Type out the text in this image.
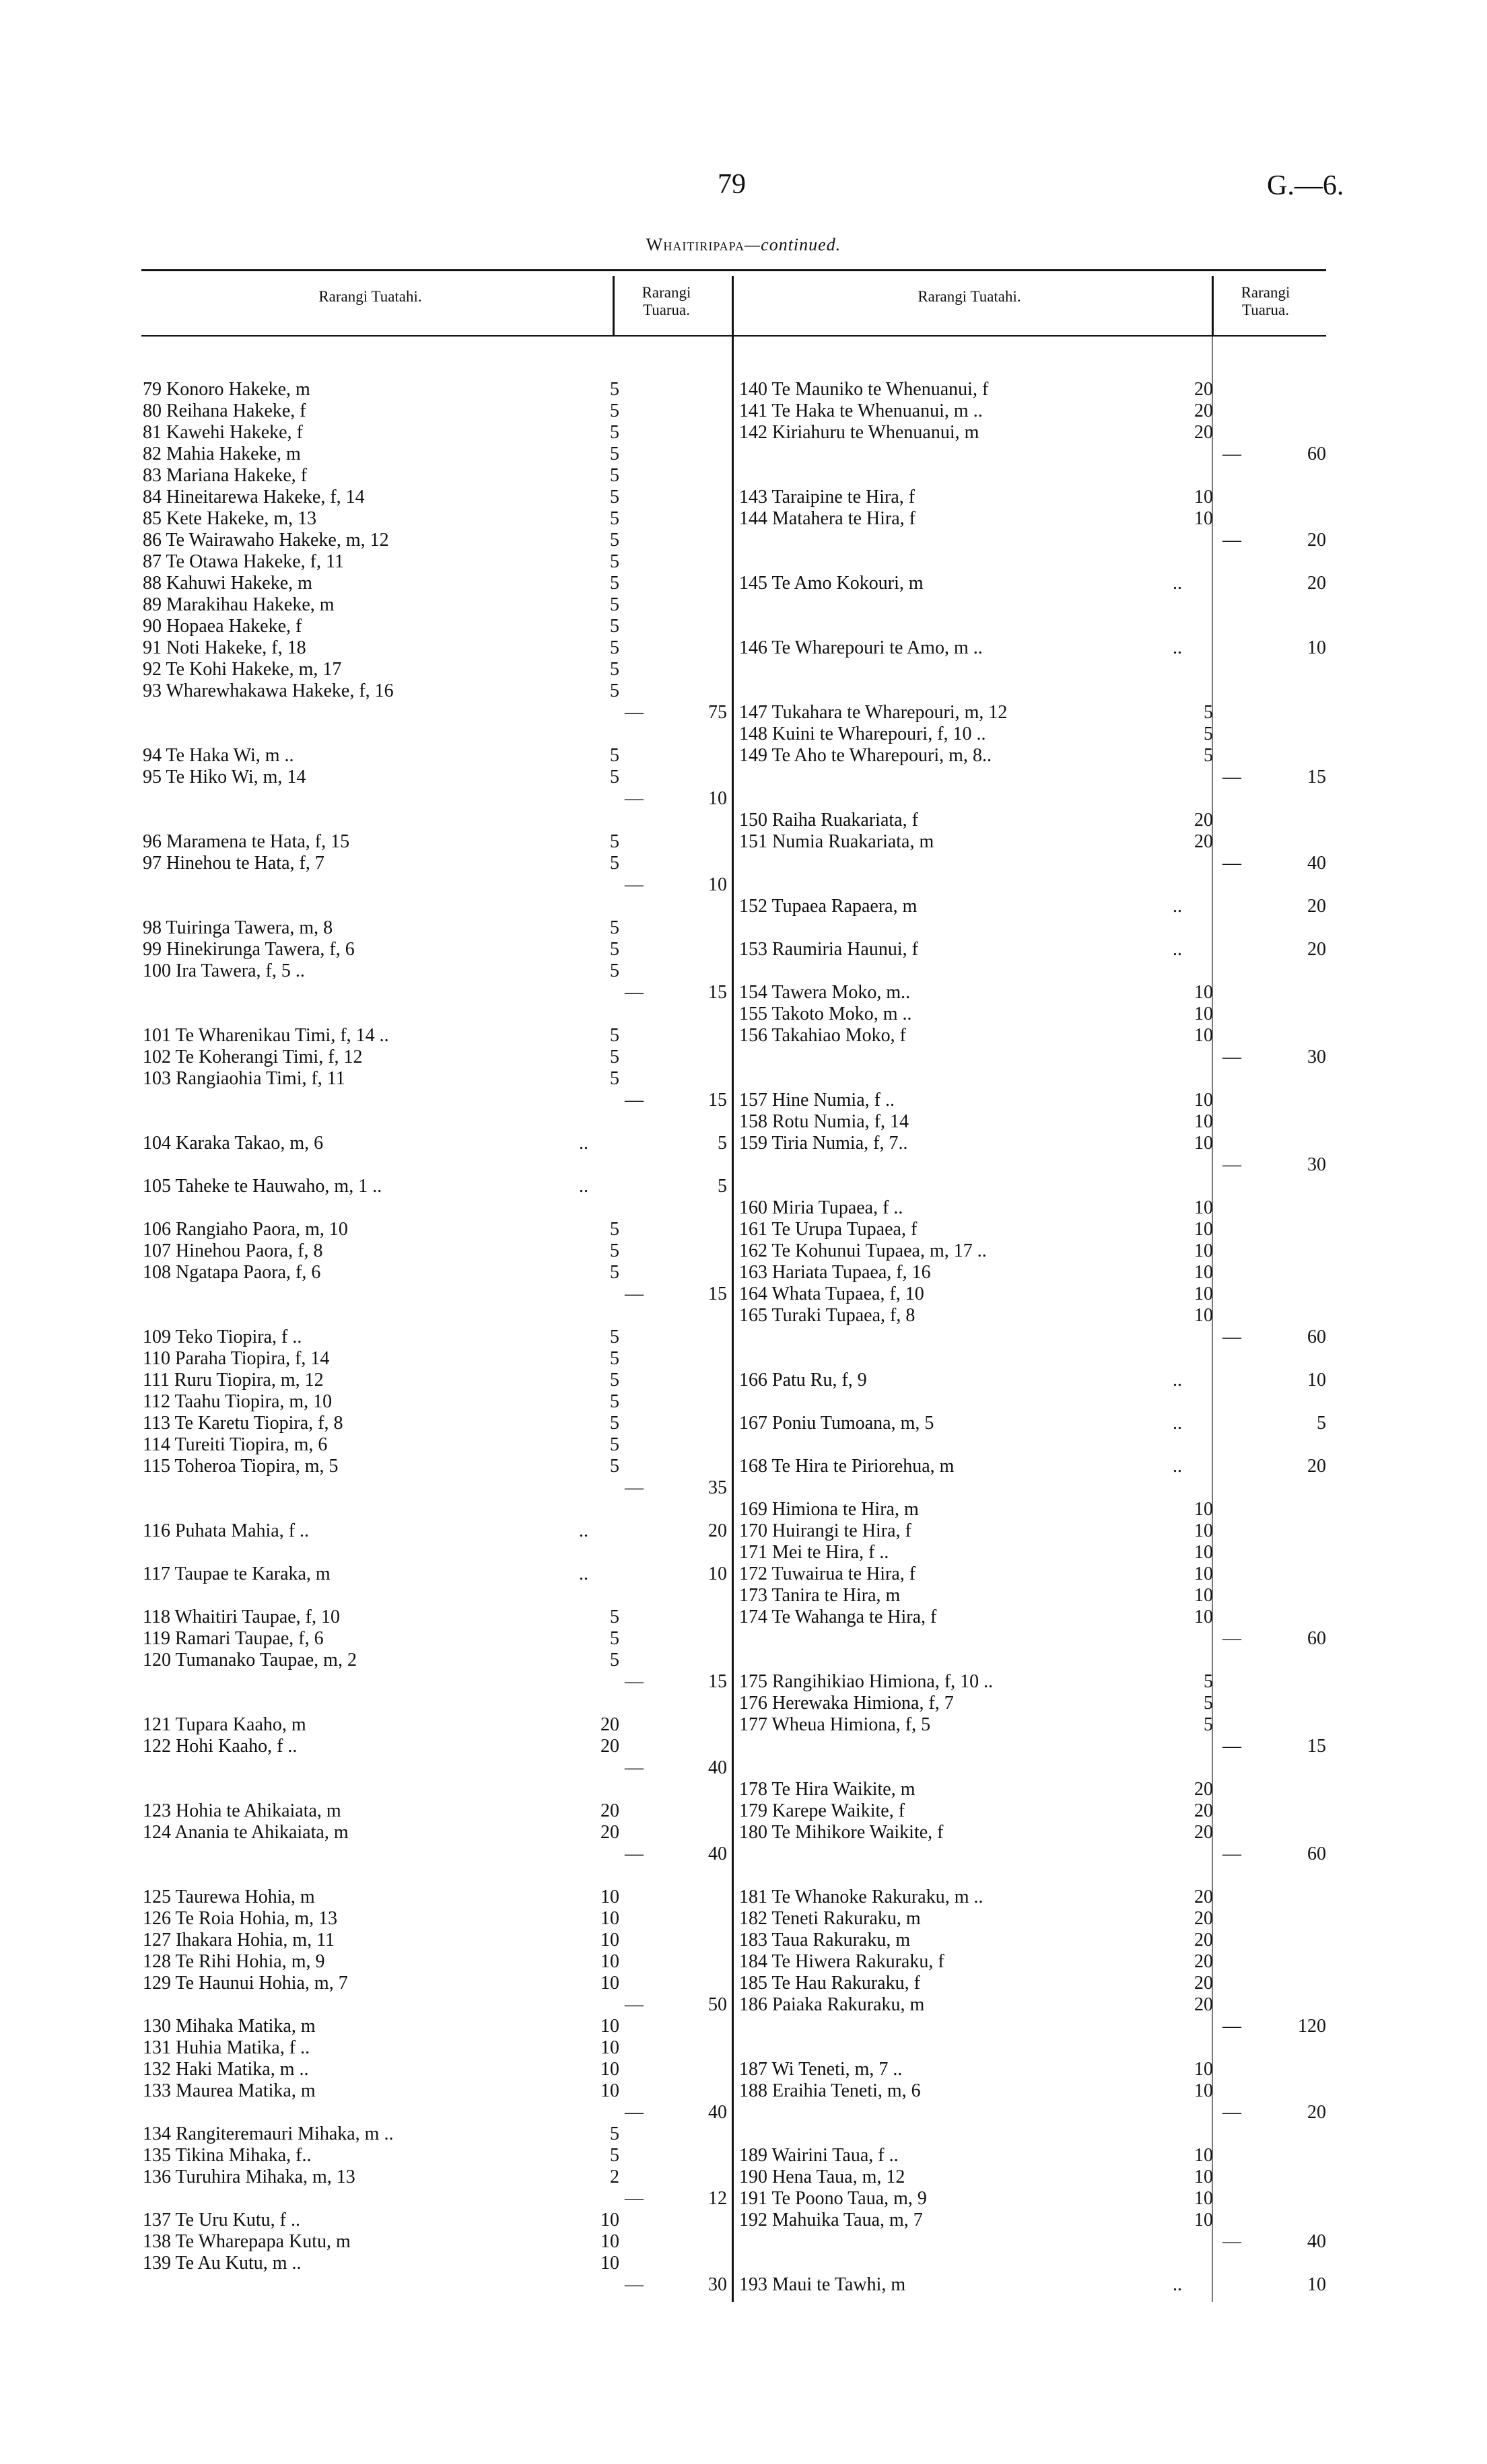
79	G.—6.
Whaitiripapa—continued.
Rarangi Tuatahi.	Rarangi
Tuarua.
Rarangi Tuatahi.	Rarangi
Tuarua.
79 Konoro Hakeke, m	5
80 Reihana Hakeke, f	5
81 Kawehi Hakeke, f	5
82 Mahia Hakeke, m	5
83 Mariana Hakeke, f	5
84 Hineitarewa Hakeke, f, 14	5
85 Kete Hakeke, m, 13	5
86 Te Wairawaho Hakeke, m, 12	5
87 Te Otawa Hakeke, f, 11	5
88 Kahuwi Hakeke, m	5
89 Marakihau Hakeke, m	5
90 Hopaea Hakeke, f	5
91 Noti Hakeke, f, 18	5
92 Te Kohi Hakeke, m, 17	5
93 Wharewhakawa Hakeke, f, 16	5
—	75
94 Te Haka Wi, m ..	5
95 Te Hiko Wi, m, 14	5
—	10
96 Maramena te Hata, f, 15	5
97 Hinehou te Hata, f, 7	5
—	10
98 Tuiringa Tawera, m, 8	5
99 Hinekirunga Tawera, f, 6	5
100 Ira Tawera, f, 5 ..	5
—	15
101 Te Wharenikau Timi, f, 14 ..	5
102 Te Koherangi Timi, f, 12	5
103 Rangiaohia Timi, f, 11	5
—	15
104 Karaka Takao, m, 6	..	5
105 Taheke te Hauwaho, m, 1 ..	..	5
106 Rangiaho Paora, m, 10	5
107 Hinehou Paora, f, 8	5
108 Ngatapa Paora, f, 6	5
—	15
109 Teko Tiopira, f ..	5
110 Paraha Tiopira, f, 14	5
111 Ruru Tiopira, m, 12	5
112 Taahu Tiopira, m, 10	5
113 Te Karetu Tiopira, f, 8	5
114 Tureiti Tiopira, m, 6	5
115 Toheroa Tiopira, m, 5	5
—	35
116 Puhata Mahia, f ..	..	20
117 Taupae te Karaka, m	..	10
118 Whaitiri Taupae, f, 10	5
119 Ramari Taupae, f, 6	5
120 Tumanako Taupae, m, 2	5
—	15
121 Tupara Kaaho, m	20
122 Hohi Kaaho, f ..	20
—	40
123 Hohia te Ahikaiata, m	20
124 Anania te Ahikaiata, m	20
—	40
125 Taurewa Hohia, m	10
126 Te Roia Hohia, m, 13	10
127 Ihakara Hohia, m, 11	10
128 Te Rihi Hohia, m, 9	10
129 Te Haunui Hohia, m, 7	10
—	50
130 Mihaka Matika, m	10
131 Huhia Matika, f ..	10
132 Haki Matika, m ..	10
133 Maurea Matika, m	10
—	40
134 Rangiteremauri Mihaka, m ..	5
135 Tikina Mihaka, f..	5
136 Turuhira Mihaka, m, 13	2
—	12
137 Te Uru Kutu, f ..	10
138 Te Wharepapa Kutu, m	10
139 Te Au Kutu, m ..	10
—	30
140 Te Mauniko te Whenuanui, f	20
141 Te Haka te Whenuanui, m ..	20
142 Kiriahuru te Whenuanui, m	20
—	60
143 Taraipine te Hira, f	10
144 Matahera te Hira, f	10
—	20
145 Te Amo Kokouri, m	..	20
146 Te Wharepouri te Amo, m ..	..	10
147 Tukahara te Wharepouri, m, 12	5
148 Kuini te Wharepouri, f, 10 ..	5
149 Te Aho te Wharepouri, m, 8..	5
—	15
150 Raiha Ruakariata, f	20
151 Numia Ruakariata, m	20
—	40
152 Tupaea Rapaera, m	..	20
153 Raumiria Haunui, f	..	20
154 Tawera Moko, m..	10
155 Takoto Moko, m ..	10
156 Takahiao Moko, f	10
—	30
157 Hine Numia, f ..	10
158 Rotu Numia, f, 14	10
159 Tiria Numia, f, 7..	10
—	30
160 Miria Tupaea, f ..	10
161 Te Urupa Tupaea, f	10
162 Te Kohunui Tupaea, m, 17 ..	10
163 Hariata Tupaea, f, 16	10
164 Whata Tupaea, f, 10	10
165 Turaki Tupaea, f, 8	10
—	60
166 Patu Ru, f, 9	..	10
167 Poniu Tumoana, m, 5	..	5
168 Te Hira te Piriorehua, m	..	20
169 Himiona te Hira, m	10
170 Huirangi te Hira, f	10
171 Mei te Hira, f ..	10
172 Tuwairua te Hira, f	10
173 Tanira te Hira, m	10
174 Te Wahanga te Hira, f	10
—	60
175 Rangihikiao Himiona, f, 10 ..	5
176 Herewaka Himiona, f, 7	5
177 Wheua Himiona, f, 5	5
—	15
178 Te Hira Waikite, m	20
179 Karepe Waikite, f	20
180 Te Mihikore Waikite, f	20
—	60
181 Te Whanoke Rakuraku, m ..	20
182 Teneti Rakuraku, m	20
183 Taua Rakuraku, m	20
184 Te Hiwera Rakuraku, f	20
185 Te Hau Rakuraku, f	20
186 Paiaka Rakuraku, m	20
—	120
187 Wi Teneti, m, 7 ..	10
188 Eraihia Teneti, m, 6	10
—	20
189 Wairini Taua, f ..	10
190 Hena Taua, m, 12	10
191 Te Poono Taua, m, 9	10
192 Mahuika Taua, m, 7	10
—	40
193 Maui te Tawhi, m	..	10
